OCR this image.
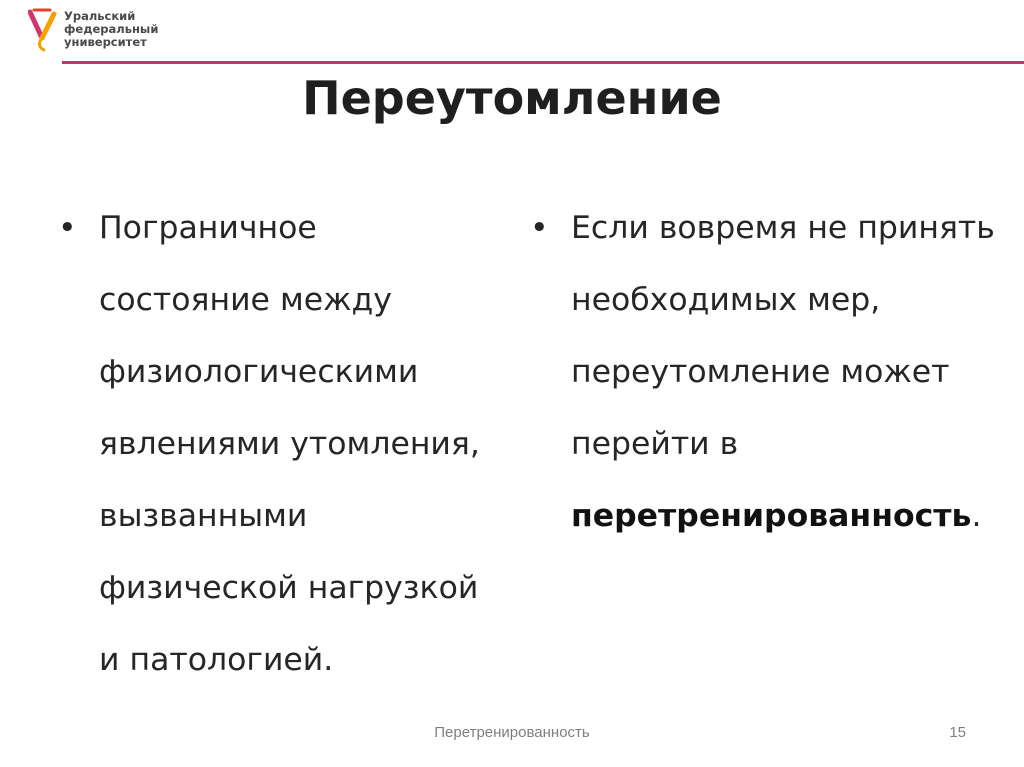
Уральский
федеральный
университет
Переутомление
• Пограничное состояние между физиологическими явлениями утомления, вызванными физической нагрузкой и патологией.
• Если вовремя не принять необходимых мер, переутомление может перейти в перетренированность.
Перетренированность	15
